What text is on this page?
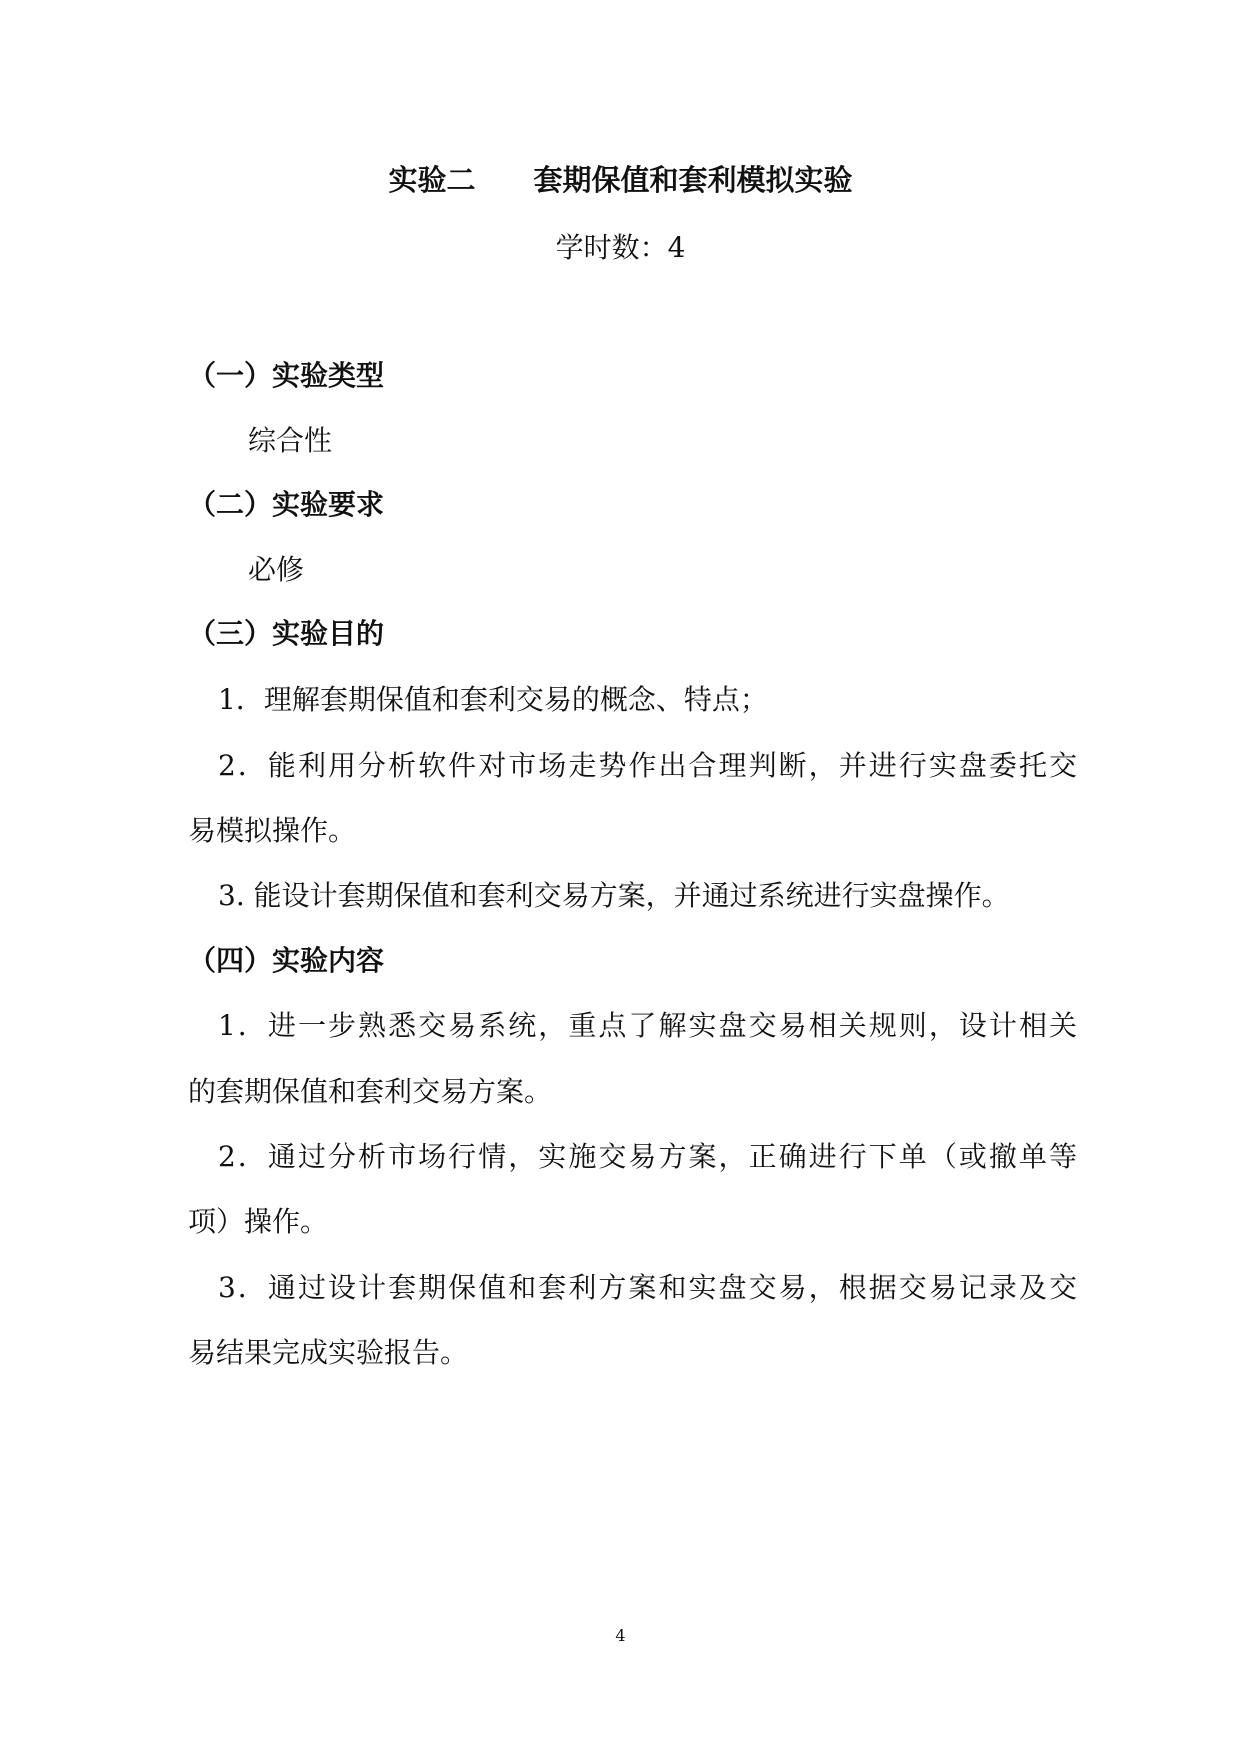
实验二　　套期保值和套利模拟实验
学时数：4
（一）实验类型
综合性
（二）实验要求
必修
（三）实验目的
1．理解套期保值和套利交易的概念、特点；
2．能利用分析软件对市场走势作出合理判断，并进行实盘委托交
易模拟操作。
3. 能设计套期保值和套利交易方案，并通过系统进行实盘操作。
（四）实验内容
1．进一步熟悉交易系统，重点了解实盘交易相关规则，设计相关
的套期保值和套利交易方案。
2．通过分析市场行情，实施交易方案，正确进行下单（或撤单等
项）操作。
3．通过设计套期保值和套利方案和实盘交易，根据交易记录及交
易结果完成实验报告。
4
